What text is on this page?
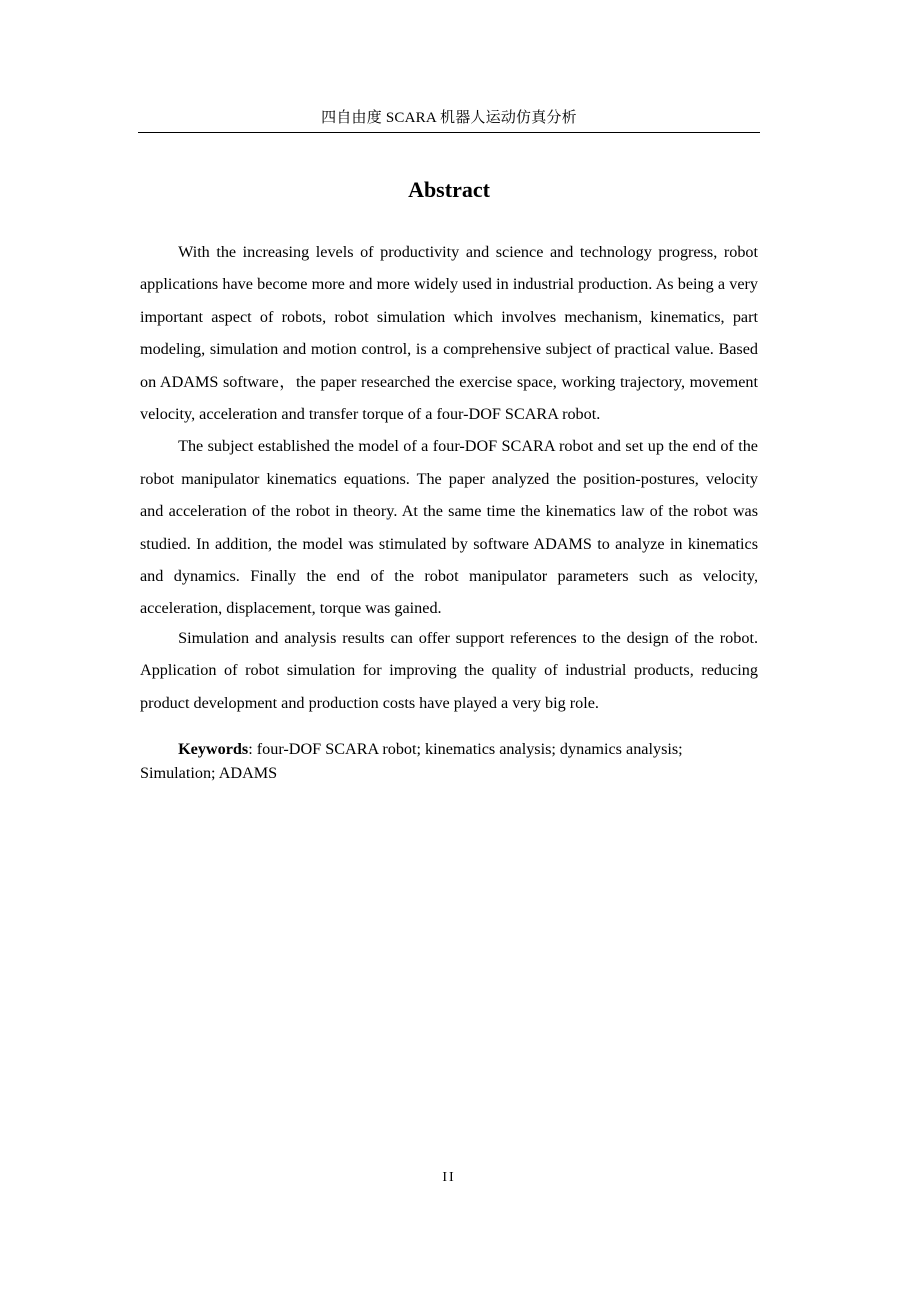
四自由度 SCARA 机器人运动仿真分析
Abstract

With the increasing levels of productivity and science and technology progress, robot applications have become more and more widely used in industrial production. As being a very important aspect of robots, robot simulation which involves mechanism, kinematics, part modeling, simulation and motion control, is a comprehensive subject of practical value. Based on ADAMS software，the paper researched the exercise space, working trajectory, movement velocity, acceleration and transfer torque of a four-DOF SCARA robot.

The subject established the model of a four-DOF SCARA robot and set up the end of the robot manipulator kinematics equations. The paper analyzed the position-postures, velocity and acceleration of the robot in theory. At the same time the kinematics law of the robot was studied. In addition, the model was stimulated by software ADAMS to analyze in kinematics and dynamics. Finally the end of the robot manipulator parameters such as velocity, acceleration, displacement, torque was gained.

Simulation and analysis results can offer support references to the design of the robot. Application of robot simulation for improving the quality of industrial products, reducing product development and production costs have played a very big role.

Keywords: four-DOF SCARA robot; kinematics analysis; dynamics analysis; Simulation; ADAMS

II
